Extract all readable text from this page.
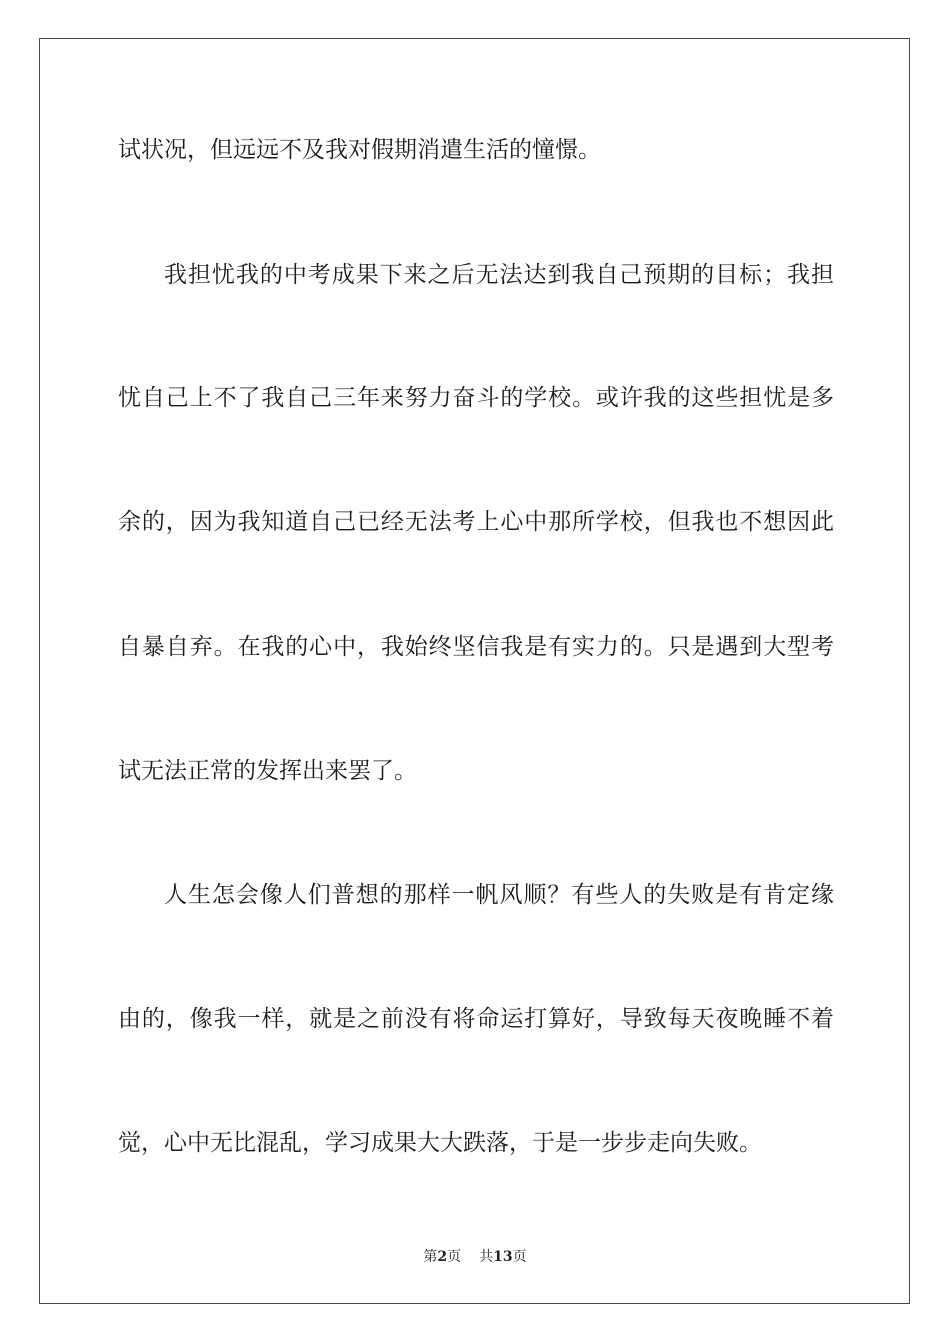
试状况，但远远不及我对假期消遣生活的憧憬。
我担忧我的中考成果下来之后无法达到我自己预期的目标；我担
忧自己上不了我自己三年来努力奋斗的学校。或许我的这些担忧是多
余的，因为我知道自己已经无法考上心中那所学校，但我也不想因此
自暴自弃。在我的心中，我始终坚信我是有实力的。只是遇到大型考
试无法正常的发挥出来罢了。
人生怎会像人们普想的那样一帆风顺？有些人的失败是有肯定缘
由的，像我一样，就是之前没有将命运打算好，导致每天夜晚睡不着
觉，心中无比混乱，学习成果大大跌落，于是一步步走向失败。
第2页 共13页
